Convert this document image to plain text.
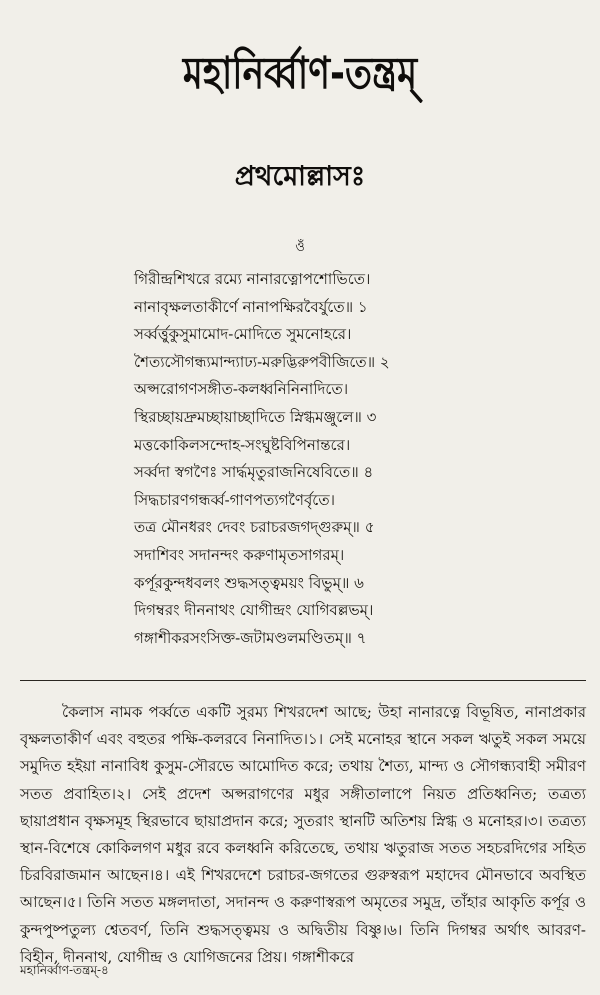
মহানির্ব্বাণ-তন্ত্রম্
প্রথমোল্লাসঃ
ওঁ
গিরীন্দ্রশিখরে রম্যে নানারত্নোপশোভিতে।
নানাবৃক্ষলতাকীর্ণে নানাপক্ষিরবৈর্যুতে॥ ১
সর্ব্বর্ত্তুকুসুমামোদ-মোদিতে সুমনোহরে।
শৈত্যসৌগন্ধ্যমান্দ্যাঢ্য-মরুদ্ভিরুপবীজিতে॥ ২
অপ্সরোগণসঙ্গীত-কলধ্বনিনিনাদিতে।
স্থিরচ্ছায়দ্রুমচ্ছায়াচ্ছাদিতে স্নিগ্ধমঞ্জুলে॥ ৩
মত্তকোকিলসন্দোহ-সংঘুষ্টবিপিনান্তরে।
সর্ব্বদা স্বগণৈঃ সার্দ্ধমৃতুরাজনিষেবিতে॥ ৪
সিদ্ধচারণগন্ধর্ব্ব-গাণপত্যগণৈর্বৃতে।
তত্র মৌনধরং দেবং চরাচরজগদ্‌গুরুম্॥ ৫
সদাশিবং সদানন্দং করুণামৃতসাগরম্।
কর্পূরকুন্দধবলং শুদ্ধসত্ত্বময়ং বিভুম্॥ ৬
দিগম্বরং দীননাথং যোগীন্দ্রং যোগিবল্লভম্।
গঙ্গাশীকরসংসিক্ত-জটামণ্ডলমণ্ডিতম্॥ ৭

কৈলাস নামক পর্ব্বতে একটি সুরম্য শিখরদেশ আছে; উহা নানারত্নে বিভূষিত, নানাপ্রকার বৃক্ষলতাকীর্ণ এবং বহুতর পক্ষি-কলরবে নিনাদিত।১। সেই মনোহর স্থানে সকল ঋতুই সকল সময়ে সমুদিত হইয়া নানাবিধ কুসুম-সৌরভে আমোদিত করে; তথায় শৈত্য, মান্দ্য ও সৌগন্ধ্যবাহী সমীরণ সতত প্রবাহিত।২। সেই প্রদেশ অপ্সরাগণের মধুর সঙ্গীতালাপে নিয়ত প্রতিধ্বনিত; তত্রত্য ছায়াপ্রধান বৃক্ষসমূহ স্থিরভাবে ছায়াপ্রদান করে; সুতরাং স্থানটি অতিশয় স্নিগ্ধ ও মনোহর।৩। তত্রত্য স্থান-বিশেষে কোকিলগণ মধুর রবে কলধ্বনি করিতেছে, তথায় ঋতুরাজ সতত সহচরদিগের সহিত চিরবিরাজমান আছেন।৪। এই শিখরদেশে চরাচর-জগতের গুরুস্বরূপ মহাদেব মৌনভাবে অবস্থিত আছেন।৫। তিনি সতত মঙ্গলদাতা, সদানন্দ ও করুণাস্বরূপ অমৃতের সমুদ্র, তাঁহার আকৃতি কর্পূর ও কুন্দপুষ্পতুল্য শ্বেতবর্ণ, তিনি শুদ্ধসত্ত্বময় ও অদ্বিতীয় বিষ্ণু।৬। তিনি দিগম্বর অর্থাৎ আবরণ-বিহীন, দীননাথ, যোগীন্দ্র ও যোগিজনের প্রিয়। গঙ্গাশীকরে

মহানির্ব্বাণ-তন্ত্রম্-৪
